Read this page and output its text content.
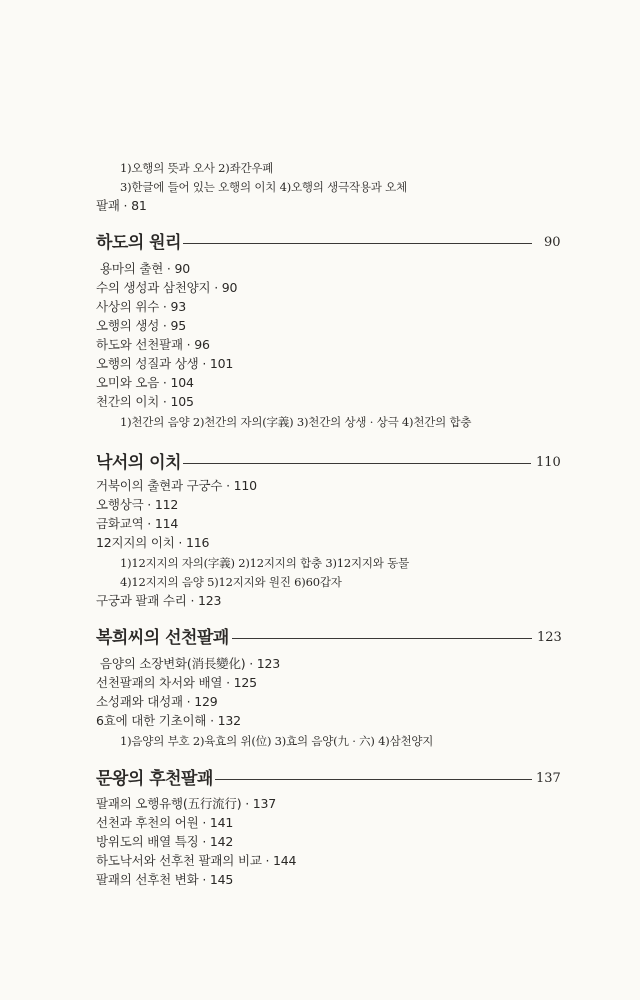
1)오행의 뜻과 오사 2)좌간우폐
3)한글에 들어 있는 오행의 이치 4)오행의 생극작용과 오체
팔괘 · 81
하도의 원리	90
용마의 출현 · 90
수의 생성과 삼천양지 · 90
사상의 위수 · 93
오행의 생성 · 95
하도와 선천팔괘 · 96
오행의 성질과 상생 · 101
오미와 오음 · 104
천간의 이치 · 105
1)천간의 음양 2)천간의 자의(字義) 3)천간의 상생 · 상극 4)천간의 합충
낙서의 이치	110
거북이의 출현과 구궁수 · 110
오행상극 · 112
금화교역 · 114
12지지의 이치 · 116
1)12지지의 자의(字義) 2)12지지의 합충 3)12지지와 동물
4)12지지의 음양 5)12지지와 원진 6)60갑자
구궁과 팔괘 수리 · 123
복희씨의 선천팔괘	123
음양의 소장변화(消長變化) · 123
선천팔괘의 차서와 배열 · 125
소성괘와 대성괘 · 129
6효에 대한 기초이해 · 132
1)음양의 부호 2)육효의 위(位) 3)효의 음양(九 · 六) 4)삼천양지
문왕의 후천팔괘	137
팔괘의 오행유행(五行流行) · 137
선천과 후천의 어원 · 141
방위도의 배열 특징 · 142
하도낙서와 선후천 팔괘의 비교 · 144
팔괘의 선후천 변화 · 145
